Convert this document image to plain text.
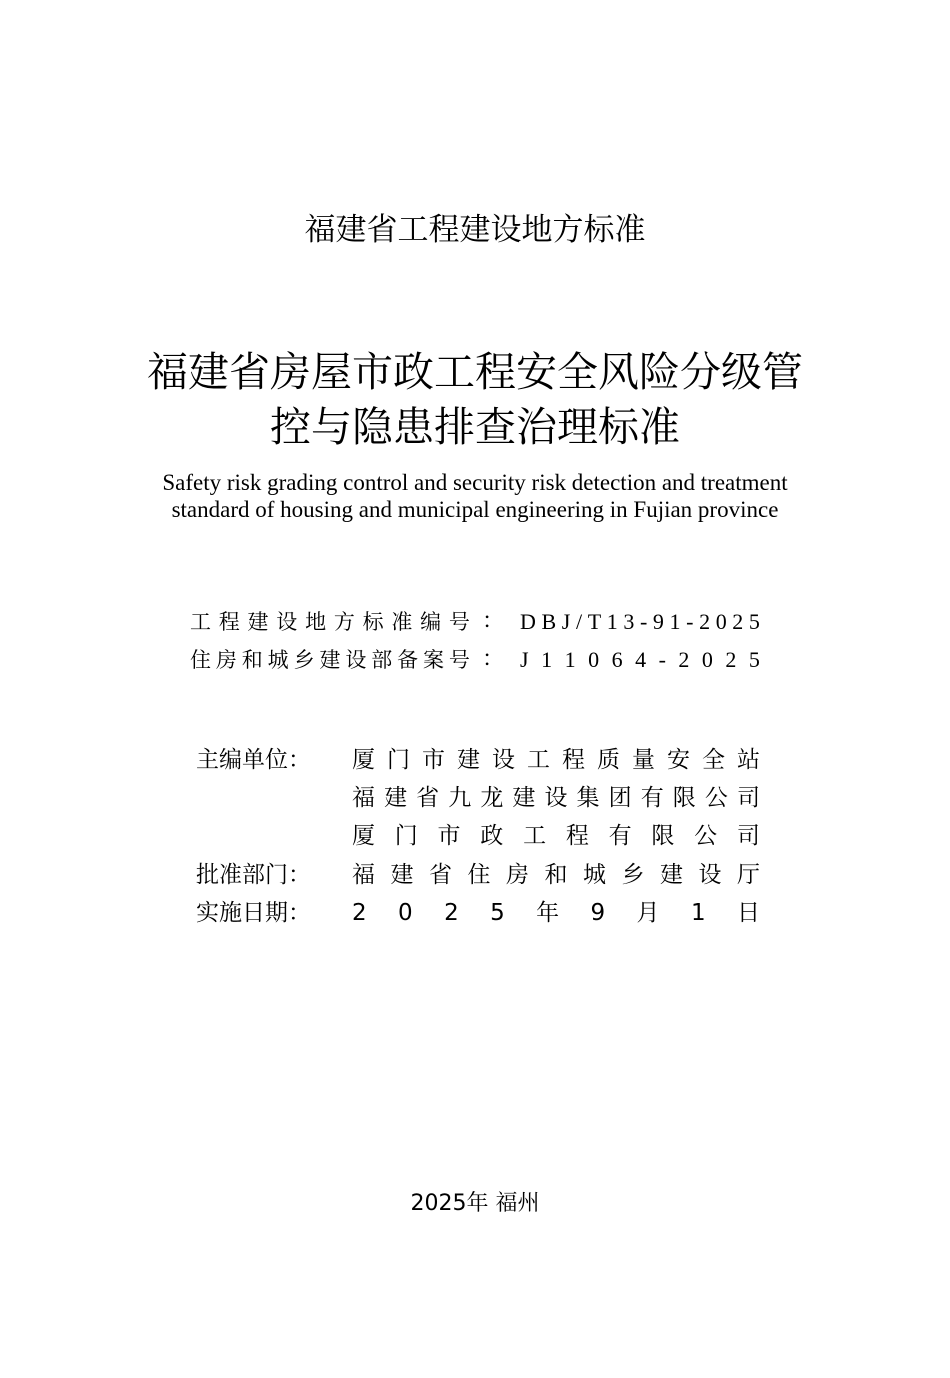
福建省工程建设地方标准
福建省房屋市政工程安全风险分级管
控与隐患排查治理标准
Safety risk grading control and security risk detection and treatment
standard of housing and municipal engineering in Fujian province
工 程 建 设 地 方 标 准 编 号 ： D B J / T 1 3 - 9 1 - 2 0 2 5
住 房 和 城 乡 建 设 部 备 案 号 ： J 1 1 0 6 4 - 2 0 2 5
主编单位： 厦 门 市 建 设 工 程 质 量 安 全 站
福 建 省 九 龙 建 设 集 团 有 限 公 司
厦 门 市 政 工 程 有 限 公 司
批准部门： 福 建 省 住 房 和 城 乡 建 设 厅
实施日期： 2 0 2 5 年 9 月 1 日
2025年 福州
